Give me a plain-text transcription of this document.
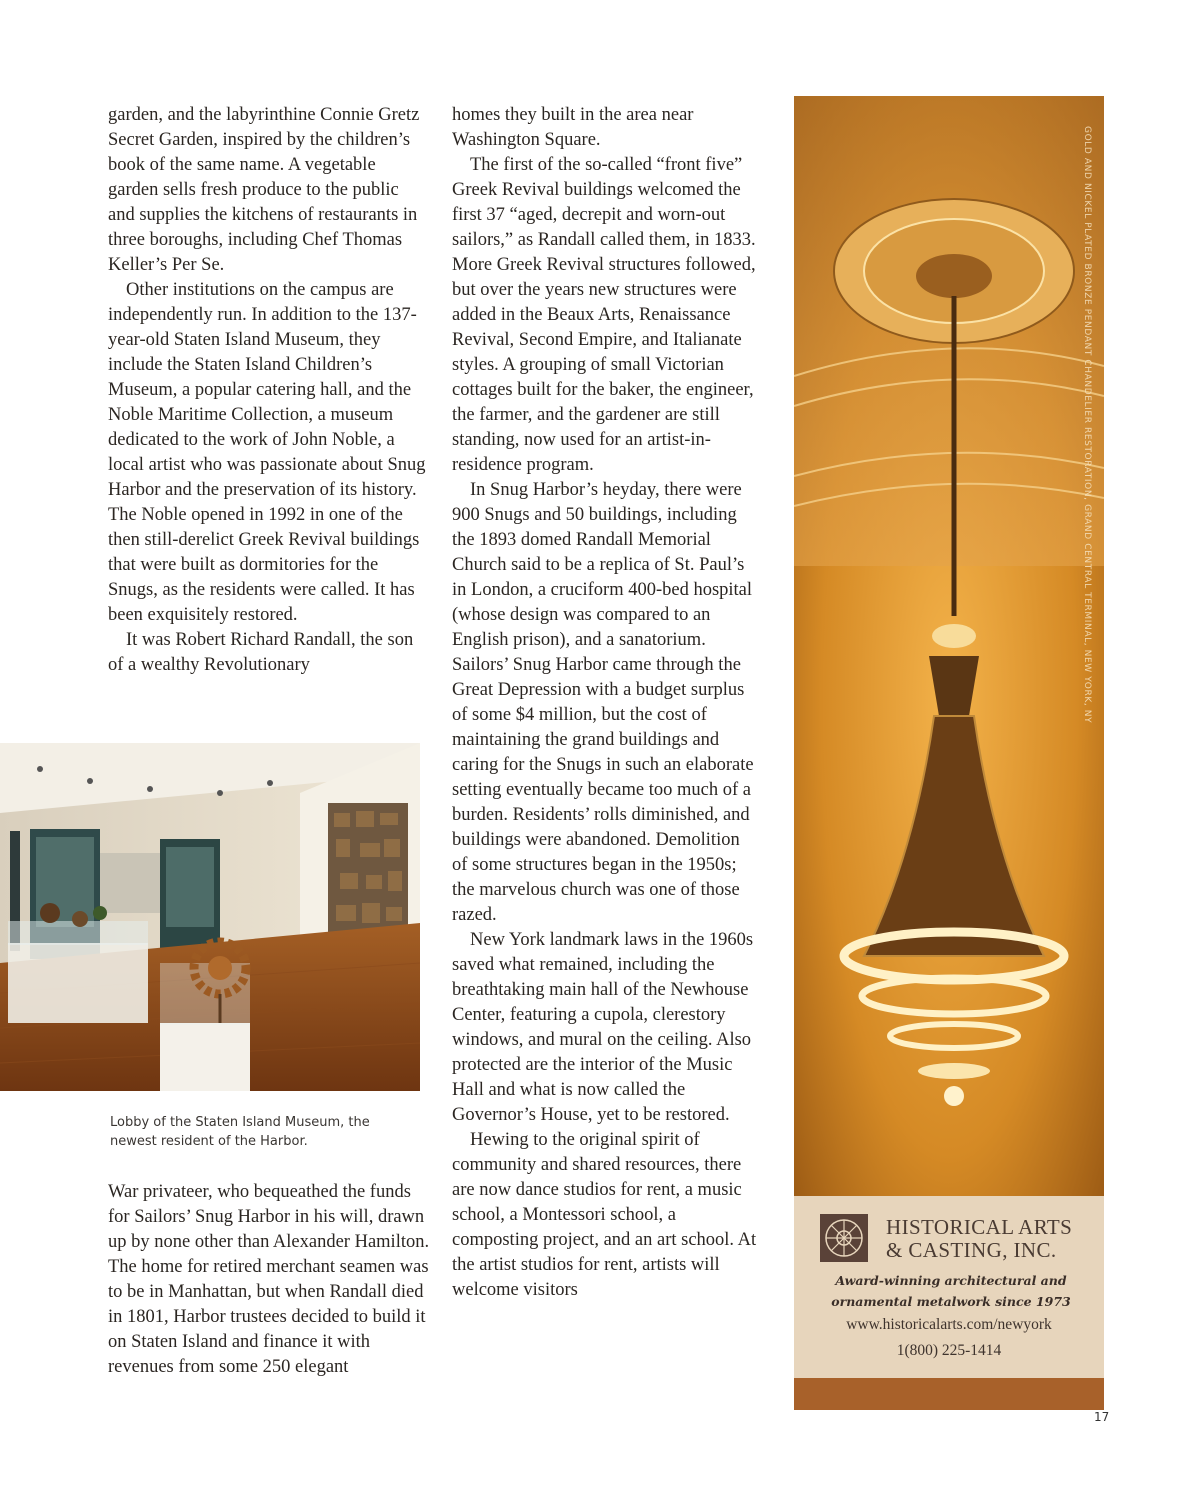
garden, and the labyrinthine Connie Gretz Secret Garden, inspired by the children’s book of the same name. A vegetable garden sells fresh produce to the public and supplies the kitchens of restaurants in three boroughs, including Chef Thomas Keller’s Per Se.

Other institutions on the campus are independently run. In addition to the 137-year-old Staten Island Museum, they include the Staten Island Children’s Museum, a popular catering hall, and the Noble Maritime Collection, a museum dedicated to the work of John Noble, a local artist who was passionate about Snug Harbor and the preservation of its history. The Noble opened in 1992 in one of the then still-derelict Greek Revival buildings that were built as dormitories for the Snugs, as the residents were called. It has been exquisitely restored.

It was Robert Richard Randall, the son of a wealthy Revolutionary

Lobby of the Staten Island Museum, the newest resident of the Harbor.

War privateer, who bequeathed the funds for Sailors’ Snug Harbor in his will, drawn up by none other than Alexander Hamilton. The home for retired merchant seamen was to be in Manhattan, but when Randall died in 1801, Harbor trustees decided to build it on Staten Island and finance it with revenues from some 250 elegant

homes they built in the area near Washington Square.

The first of the so-called “front five” Greek Revival buildings welcomed the first 37 “aged, decrepit and worn-out sailors,” as Randall called them, in 1833. More Greek Revival structures followed, but over the years new structures were added in the Beaux Arts, Renaissance Revival, Second Empire, and Italianate styles. A grouping of small Victorian cottages built for the baker, the engineer, the farmer, and the gardener are still standing, now used for an artist-in-residence program.

In Snug Harbor’s heyday, there were 900 Snugs and 50 buildings, including the 1893 domed Randall Memorial Church said to be a replica of St. Paul’s in London, a cruciform 400-bed hospital (whose design was compared to an English prison), and a sanatorium. Sailors’ Snug Harbor came through the Great Depression with a budget surplus of some $4 million, but the cost of maintaining the grand buildings and caring for the Snugs in such an elaborate setting eventually became too much of a burden. Residents’ rolls diminished, and buildings were abandoned. Demolition of some structures began in the 1950s; the marvelous church was one of those razed.

New York landmark laws in the 1960s saved what remained, including the breathtaking main hall of the Newhouse Center, featuring a cupola, clerestory windows, and mural on the ceiling. Also protected are the interior of the Music Hall and what is now called the Governor’s House, yet to be restored.

Hewing to the original spirit of community and shared resources, there are now dance studios for rent, a music school, a Montessori school, a composting project, and an art school. At the artist studios for rent, artists will welcome visitors

HISTORICAL ARTS
& CASTING, INC.
Award-winning architectural and
ornamental metalwork since 1973
www.historicalarts.com/newyork
1(800) 225-1414
GOLD AND NICKEL PLATED BRONZE PENDANT CHANDELIER RESTORATION, GRAND CENTRAL TERMINAL, NEW YORK, NY
17
